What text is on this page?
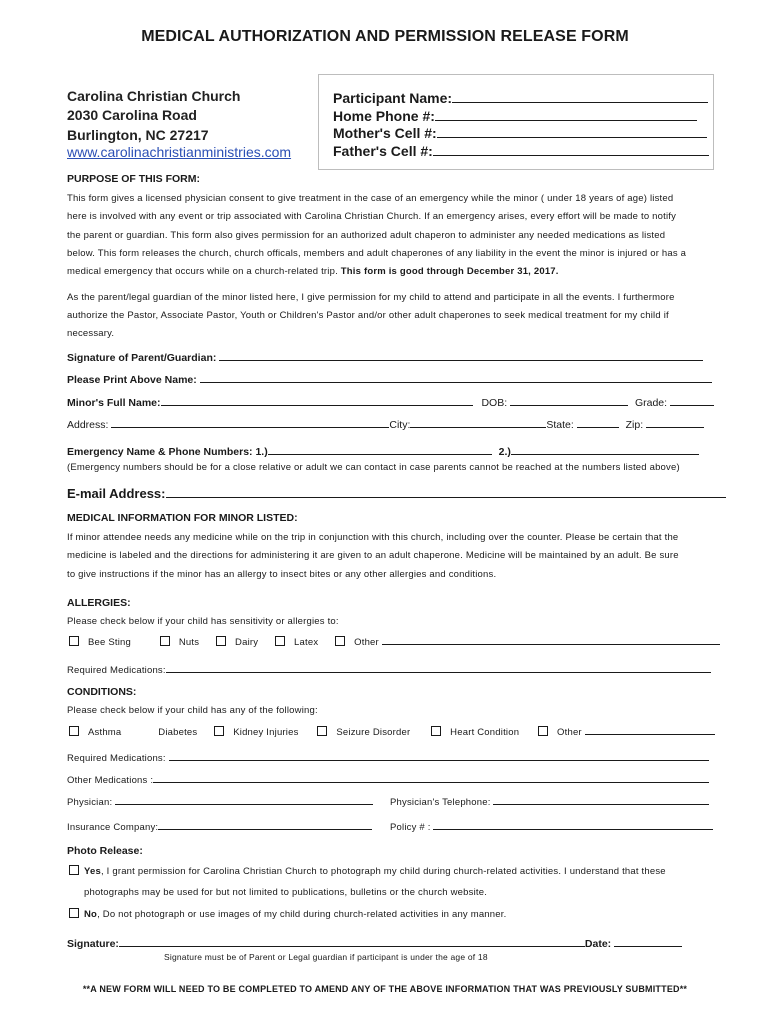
MEDICAL AUTHORIZATION AND PERMISSION RELEASE FORM
Carolina Christian Church
2030 Carolina Road
Burlington, NC 27217
www.carolinachristianministries.com
Participant Name:
Home Phone #:
Mother's Cell #:
Father's Cell #:
PURPOSE OF THIS FORM:
This form gives a licensed physician consent to give treatment in the case of an emergency while the minor ( under 18 years of age) listed
here is involved with any event or trip associated with Carolina Christian Church. If an emergency arises, every effort will be made to notify
the parent or guardian. This form also gives permission for an authorized adult chaperon to administer any needed medications as listed
below. This form releases the church, church officals, members and adult chaperones of any liability in the event the minor is injured or has a
medical emergency that occurs while on a church-related trip. This form is good through December 31, 2017.
As the parent/legal guardian of the minor listed here, I give permission for my child to attend and participate in all the events. I furthermore
authorize the Pastor, Associate Pastor, Youth or Children's Pastor and/or other adult chaperones to seek medical treatment for my child if
necessary.
Signature of Parent/Guardian:
Please Print Above Name:
Minor's Full Name:	DOB:	Grade:
Address:	City:	State:	Zip:
Emergency Name & Phone Numbers: 1.)	2.)
(Emergency numbers should be for a close relative or adult we can contact in case parents cannot be reached at the numbers listed above)
E-mail Address:
MEDICAL INFORMATION FOR MINOR LISTED:
If minor attendee needs any medicine while on the trip in conjunction with this church, including over the counter. Please be certain that the
medicine is labeled and the directions for administering it are given to an adult chaperone. Medicine will be maintained by an adult. Be sure
to give instructions if the minor has an allergy to insect bites or any other allergies and conditions.
ALLERGIES:
Please check below if your child has sensitivity or allergies to:
Bee Sting	Nuts	Dairy	Latex	Other
Required Medications:
CONDITIONS:
Please check below if your child has any of the following:
Asthma	Diabetes	Kidney Injuries	Seizure Disorder	Heart Condition	Other
Required Medications:
Other Medications :
Physician:	Physician's Telephone:
Insurance Company:	Policy # :
Photo Release:
Yes, I grant permission for Carolina Christian Church to photograph my child during church-related activities. I understand that these
photographs may be used for but not limited to publications, bulletins or the church website.
No, Do not photograph or use images of my child during church-related activities in any manner.
Signature:	Date:
Signature must be of Parent or Legal guardian if participant is under the age of 18
**A NEW FORM WILL NEED TO BE COMPLETED TO AMEND ANY OF THE ABOVE INFORMATION THAT WAS PREVIOUSLY SUBMITTED**
